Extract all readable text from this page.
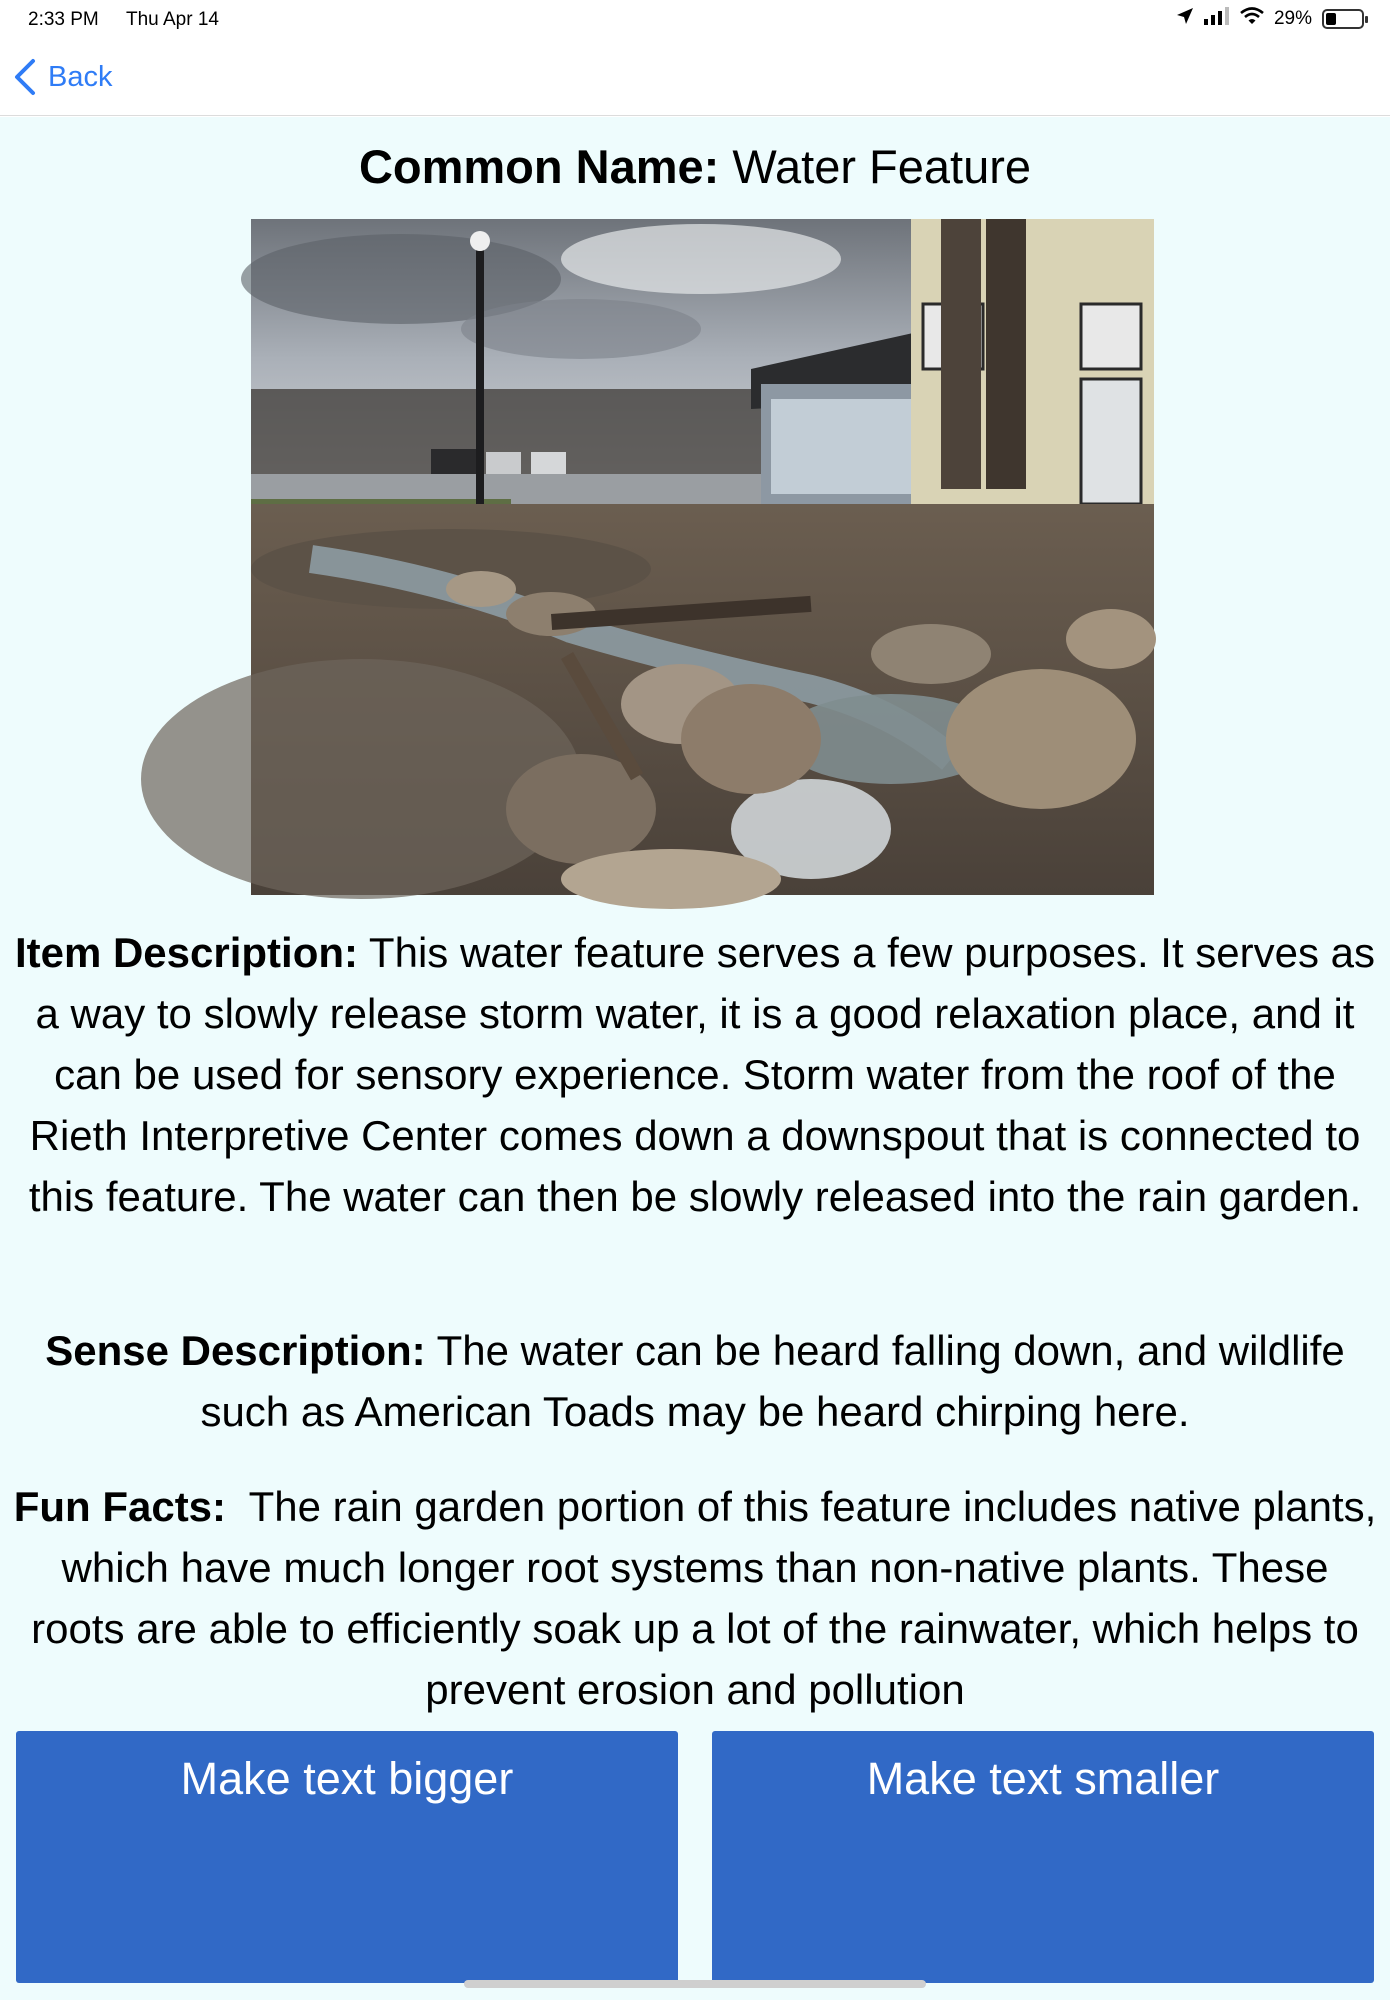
2:33 PM Thu Apr 14	29%
Back
Common Name: Water Feature
Item Description: This water feature serves a few purposes. It serves as a way to slowly release storm water, it is a good relaxation place, and it can be used for sensory experience. Storm water from the roof of the Rieth Interpretive Center comes down a downspout that is connected to this feature. The water can then be slowly released into the rain garden.
Sense Description: The water can be heard falling down, and wildlife such as American Toads may be heard chirping here.
Fun Facts:  The rain garden portion of this feature includes native plants, which have much longer root systems than non-native plants. These roots are able to efficiently soak up a lot of the rainwater, which helps to prevent erosion and pollution
Make text bigger	Make text smaller
